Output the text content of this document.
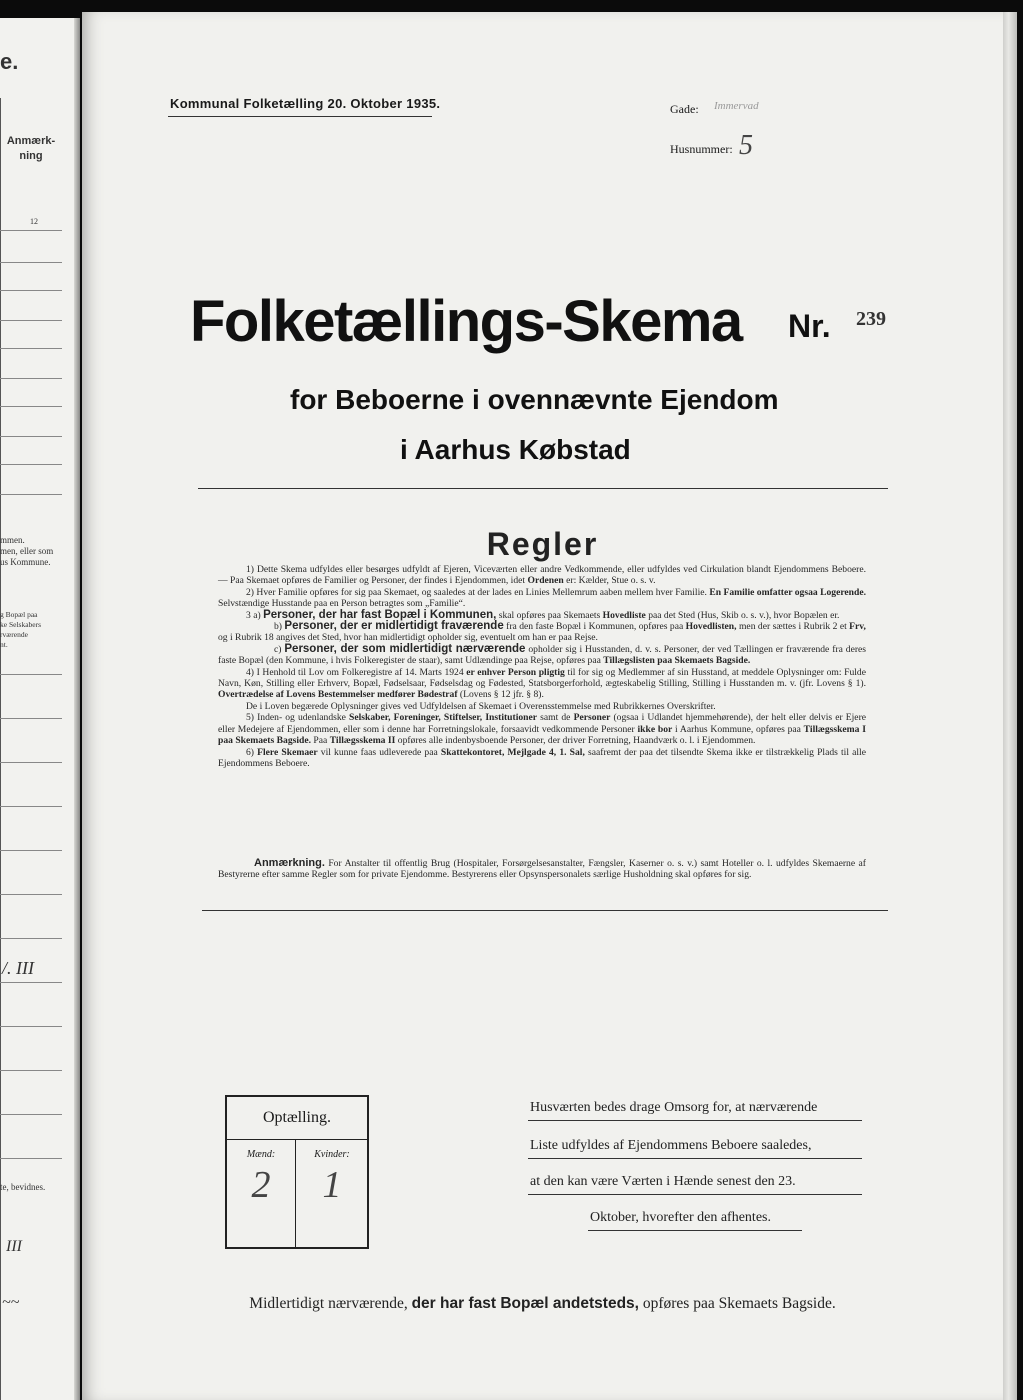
e.
Anmærk-
ning
12
mmen.
men, eller som
us Kommune.
g Bopæl paa
ke Selskabers
rværende
nt.
/. III
te, bevidnes.
III
~~
Kommunal Folketælling 20. Oktober 1935.	Gade: Immervad
Husnummer: 5
Folketællings-Skema Nr. 239
for Beboerne i ovennævnte Ejendom
i Aarhus Købstad
Regler

1) Dette Skema udfyldes eller besørges udfyldt af Ejeren, Viceværten eller andre Vedkommende, eller udfyldes ved Cirkulation blandt Ejendommens Beboere. — Paa Skemaet opføres de Familier og Personer, der findes i Ejendommen, idet Ordenen er: Kælder, Stue o. s. v.

2) Hver Familie opføres for sig paa Skemaet, og saaledes at der lades en Linies Mellemrum aaben mellem hver Familie. En Familie omfatter ogsaa Logerende. Selvstændige Husstande paa en Person betragtes som „Familie“.

3 a) Personer, der har fast Bopæl i Kommunen, skal opføres paa Skemaets Hovedliste paa det Sted (Hus, Skib o. s. v.), hvor Bopælen er.

b) Personer, der er midlertidigt fraværende fra den faste Bopæl i Kommunen, opføres paa Hovedlisten, men der sættes i Rubrik 2 et Frv, og i Rubrik 18 angives det Sted, hvor han midlertidigt opholder sig, eventuelt om han er paa Rejse.

c) Personer, der som midlertidigt nærværende opholder sig i Husstanden, d. v. s. Personer, der ved Tællingen er fraværende fra deres faste Bopæl (den Kommune, i hvis Folkeregister de staar), samt Udlændinge paa Rejse, opføres paa Tillægslisten paa Skemaets Bagside.

4) I Henhold til Lov om Folkeregistre af 14. Marts 1924 er enhver Person pligtig til for sig og Medlemmer af sin Husstand, at meddele Oplysninger om: Fulde Navn, Køn, Stilling eller Erhverv, Bopæl, Fødselsaar, Fødselsdag og Fødested, Statsborgerforhold, ægteskabelig Stilling, Stilling i Husstanden m. v. (jfr. Lovens § 1). Overtrædelse af Lovens Bestemmelser medfører Bødestraf (Lovens § 12 jfr. § 8).

De i Loven begærede Oplysninger gives ved Udfyldelsen af Skemaet i Overensstemmelse med Rubrikkernes Overskrifter.

5) Inden- og udenlandske Selskaber, Foreninger, Stiftelser, Institutioner samt de Personer (ogsaa i Udlandet hjemmehørende), der helt eller delvis er Ejere eller Medejere af Ejendommen, eller som i denne har Forretningslokale, forsaavidt vedkommende Personer ikke bor i Aarhus Kommune, opføres paa Tillægsskema I paa Skemaets Bagside. Paa Tillægsskema II opføres alle indenbysboende Personer, der driver Forretning, Haandværk o. l. i Ejendommen.

6) Flere Skemaer vil kunne faas udleverede paa Skattekontoret, Mejlgade 4, 1. Sal, saafremt der paa det tilsendte Skema ikke er tilstrækkelig Plads til alle Ejendommens Beboere.

Anmærkning. For Anstalter til offentlig Brug (Hospitaler, Forsørgelsesanstalter, Fængsler, Kaserner o. s. v.) samt Hoteller o. l. udfyldes Skemaerne af Bestyrerne efter samme Regler som for private Ejendomme. Bestyrerens eller Opsynspersonalets særlige Husholdning skal opføres for sig.

Optælling.
Mænd:	Kvinder:
2	1
Husværten bedes drage Omsorg for, at nærværende
Liste udfyldes af Ejendommens Beboere saaledes,
at den kan være Værten i Hænde senest den 23.
Oktober, hvorefter den afhentes.
Midlertidigt nærværende, der har fast Bopæl andetsteds, opføres paa Skemaets Bagside.
